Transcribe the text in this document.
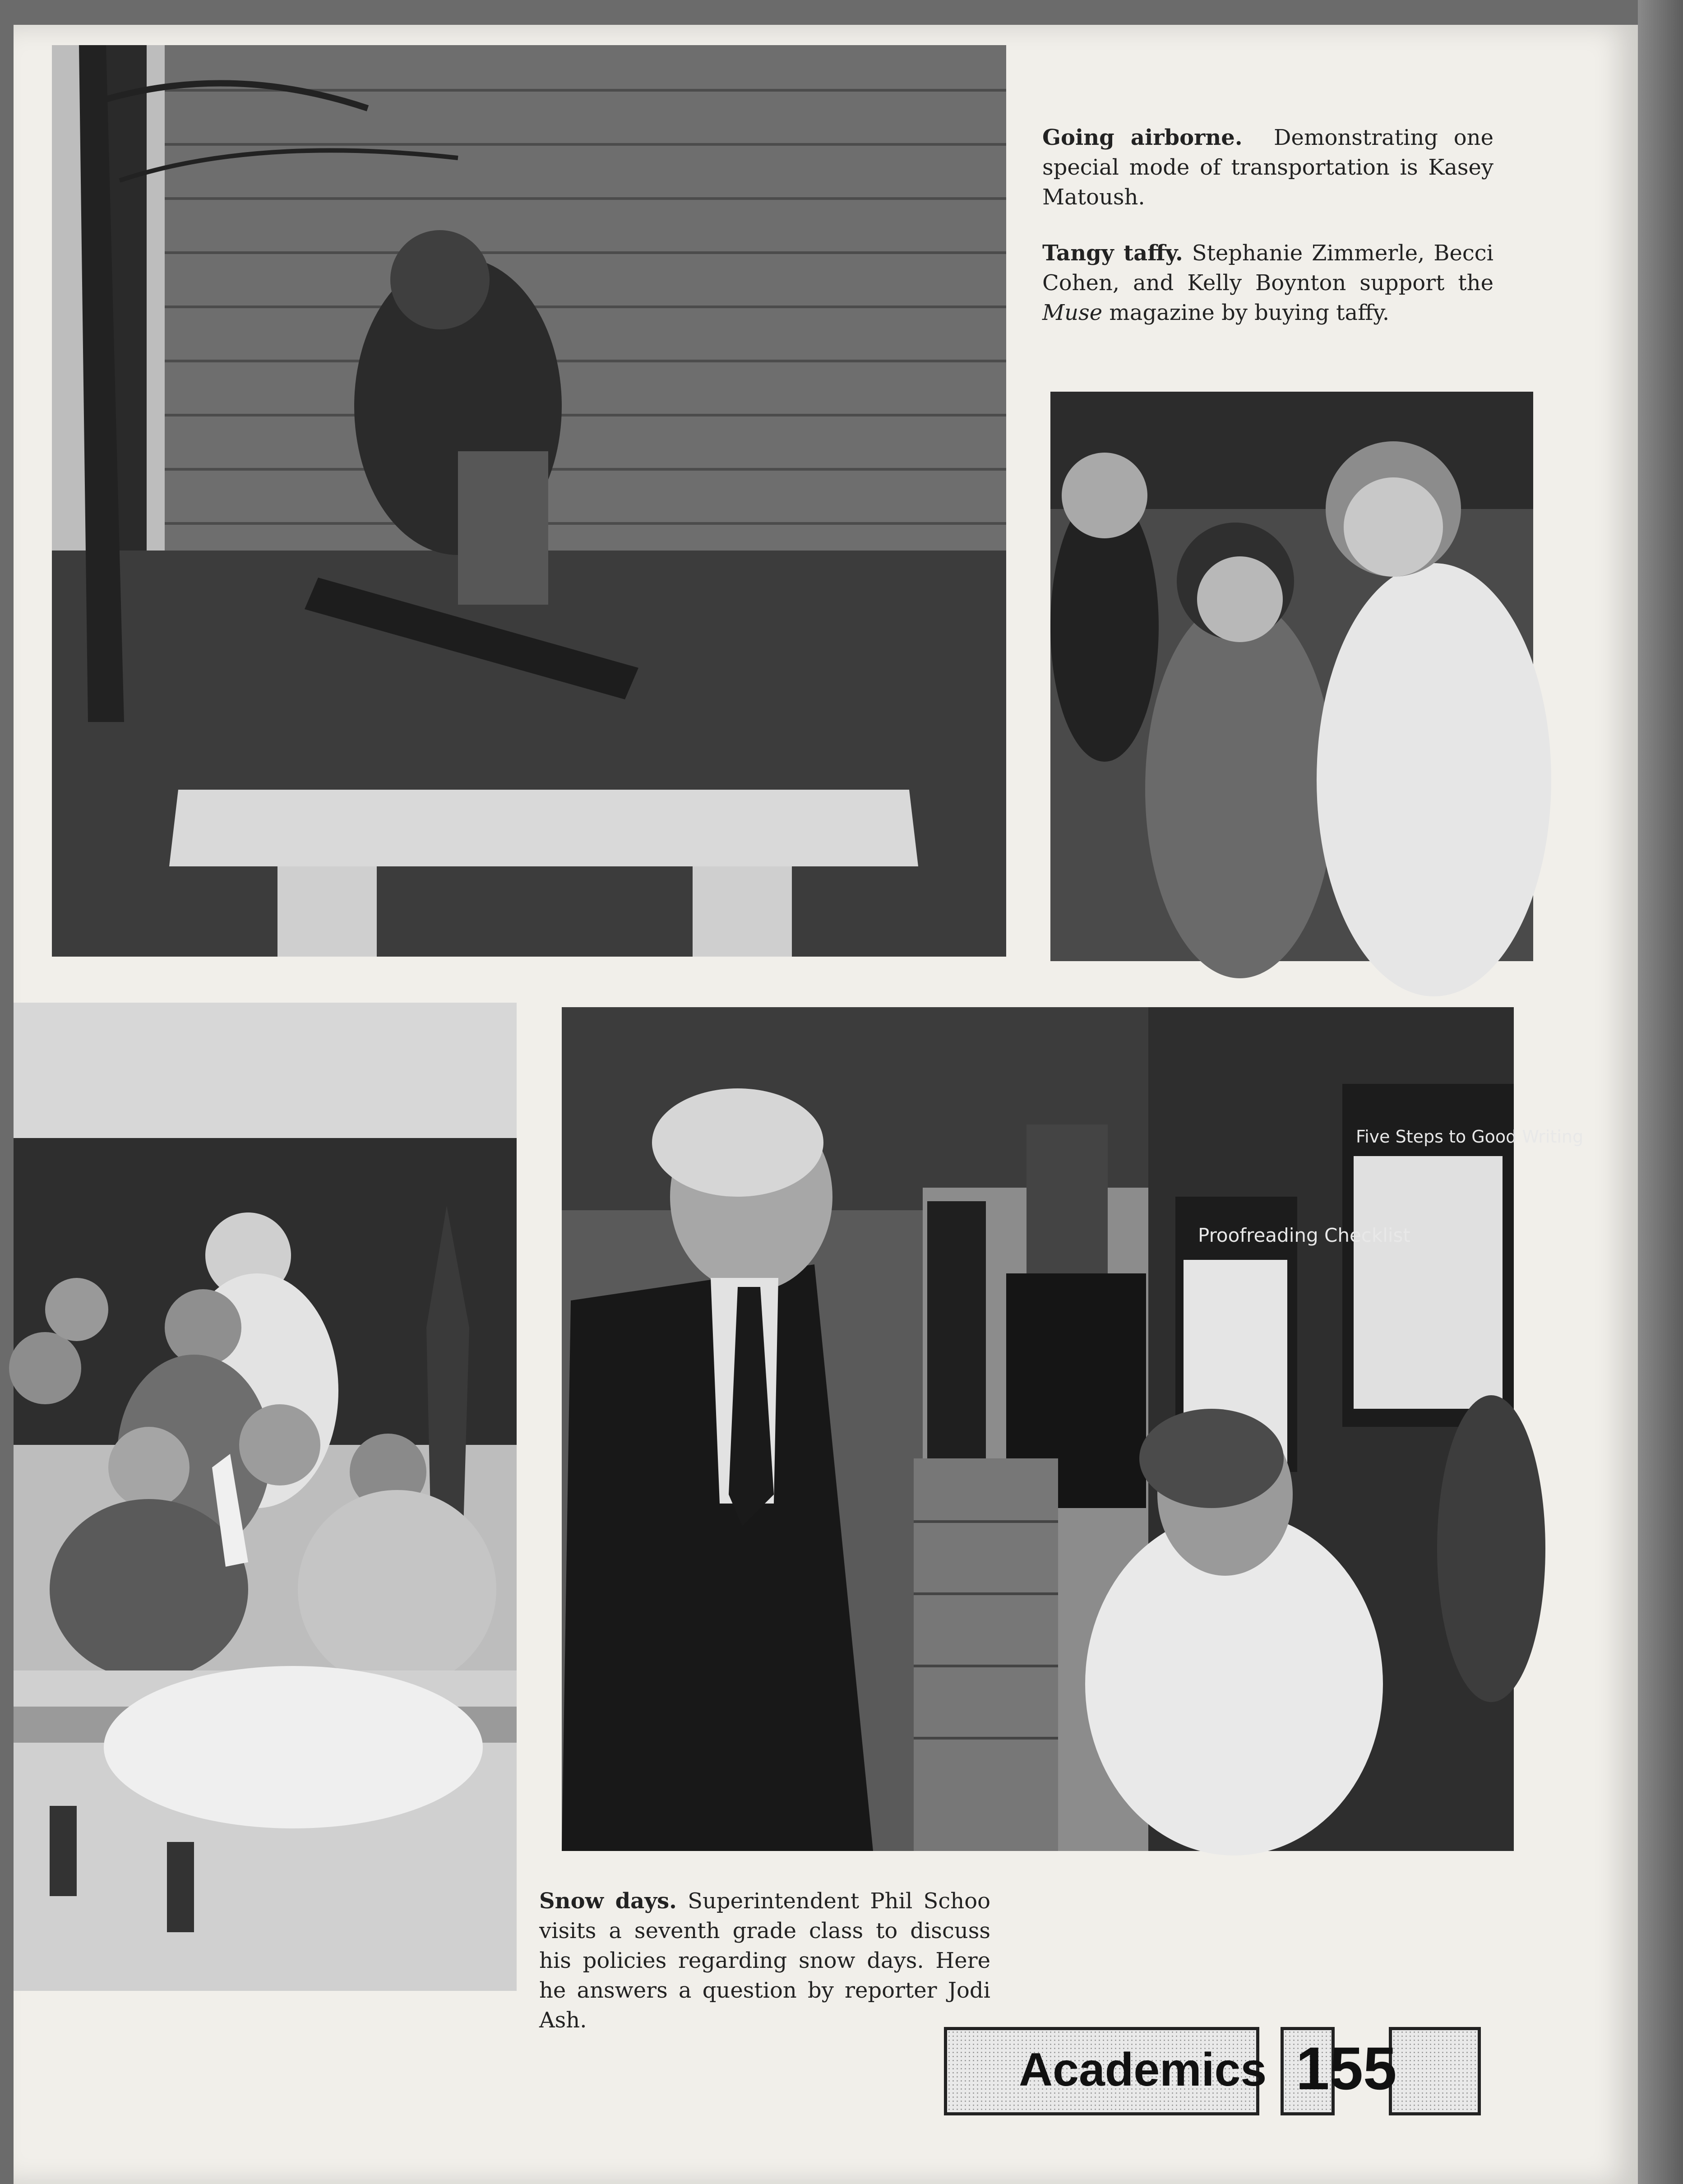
Proofreading Checklist
Five Steps to Good Writing
Going airborne. Demonstrating one special mode of transportation is Kasey Matoush.
Tangy taffy. Stephanie Zimmerle, Becci Cohen, and Kelly Boynton support the Muse magazine by buying taffy.
Snow days. Superintendent Phil Schoo visits a seventh grade class to discuss his policies regarding snow days. Here he answers a question by reporter Jodi Ash.
Academics 155
